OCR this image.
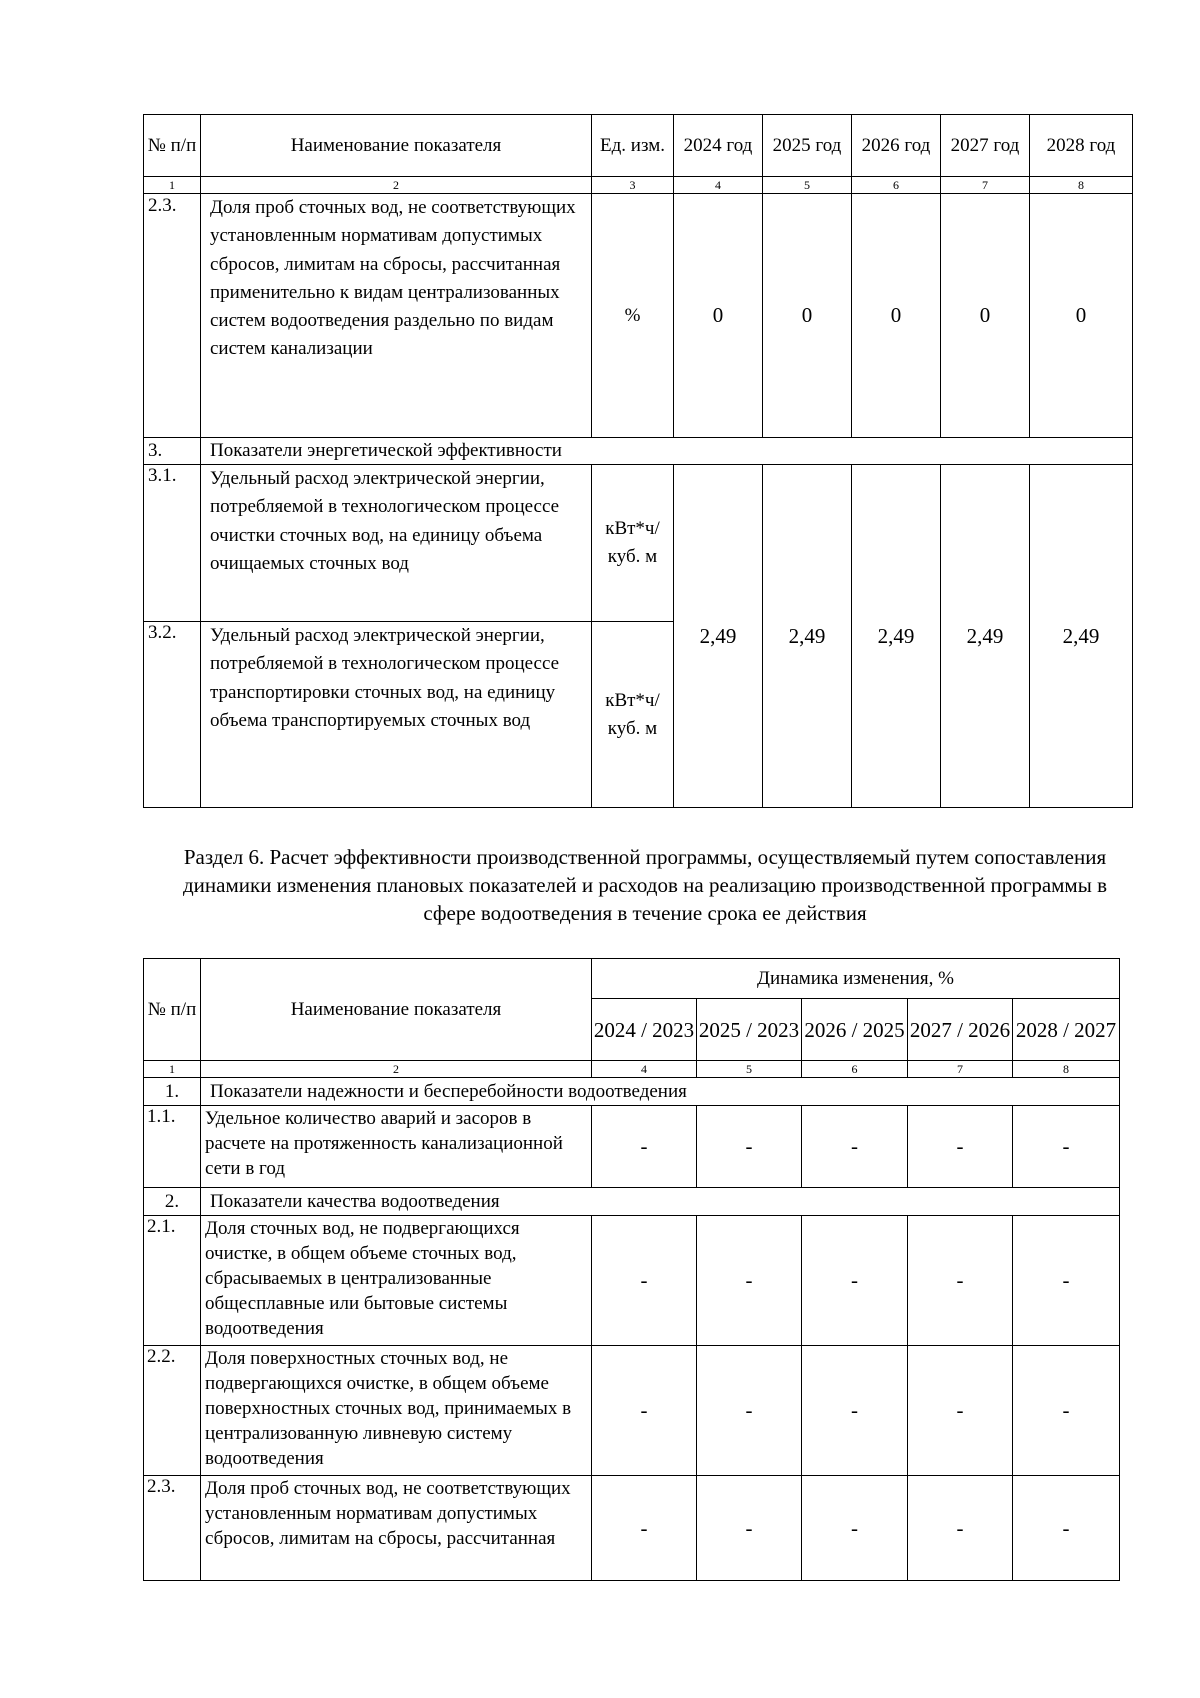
№ п/п	Наименование показателя	Ед. изм.	2024 год	2025 год	2026 год	2027 год	2028 год
1	2	3	4	5	6	7	8
2.3.	Доля проб сточных вод, не соответствующих установленным нормативам допустимых сбросов, лимитам на сбросы, рассчитанная применительно к видам централизованных систем водоотведения раздельно по видам систем канализации	%	0	0	0	0	0
3.	Показатели энергетической эффективности						
3.1.	Удельный расход электрической энергии, потребляемой в технологическом процессе очистки сточных вод, на единицу объема очищаемых сточных вод	кВт*ч/ куб. м	2,49	2,49	2,49	2,49	2,49
3.2.	Удельный расход электрической энергии, потребляемой в технологическом процессе транспортировки сточных вод, на единицу объема транспортируемых сточных вод	кВт*ч/ куб. м					
Раздел 6. Расчет эффективности производственной программы, осуществляемый путем сопоставления динамики изменения плановых показателей и расходов на реализацию производственной программы в сфере водоотведения в течение срока ее действия
№ п/п	Наименование показателя	Динамика изменения, %				
		2024 / 2023	2025 / 2023	2026 / 2025	2027 / 2026	2028 / 2027
1	2	4	5	6	7	8
1.	Показатели надежности и бесперебойности водоотведения					
1.1.	Удельное количество аварий и засоров в расчете на протяженность канализационной сети в год	-	-	-	-	-
2.	Показатели качества водоотведения					
2.1.	Доля сточных вод, не подвергающихся очистке, в общем объеме сточных вод, сбрасываемых в централизованные общесплавные или бытовые системы водоотведения	-	-	-	-	-
2.2.	Доля поверхностных сточных вод, не подвергающихся очистке, в общем объеме поверхностных сточных вод, принимаемых в централизованную ливневую систему водоотведения	-	-	-	-	-
2.3.	Доля проб сточных вод, не соответствующих установленным нормативам допустимых сбросов, лимитам на сбросы, рассчитанная	-	-	-	-	-
